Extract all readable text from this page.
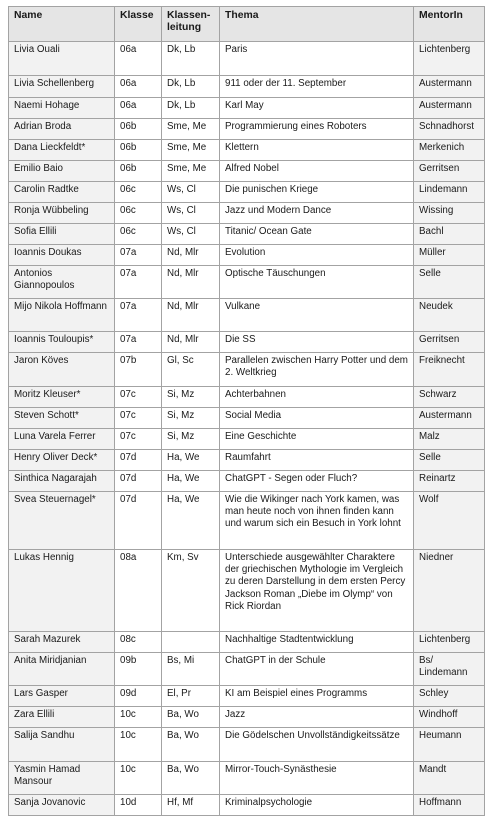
Name	Klasse	Klassen-leitung	Thema	MentorIn
Livia Ouali	06a	Dk, Lb	Paris	Lichtenberg
Livia Schellenberg	06a	Dk, Lb	911 oder der 11. September	Austermann
Naemi Hohage	06a	Dk, Lb	Karl May	Austermann
Adrian Broda	06b	Sme, Me	Programmierung eines Roboters	Schnadhorst
Dana Lieckfeldt*	06b	Sme, Me	Klettern	Merkenich
Emilio Baio	06b	Sme, Me	Alfred Nobel	Gerritsen
Carolin Radtke	06c	Ws, Cl	Die punischen Kriege	Lindemann
Ronja Wübbeling	06c	Ws, Cl	Jazz und Modern Dance	Wissing
Sofia Ellili	06c	Ws, Cl	Titanic/ Ocean Gate	Bachl
Ioannis Doukas	07a	Nd, Mlr	Evolution	Müller
Antonios Giannopoulos	07a	Nd, Mlr	Optische Täuschungen	Selle
Mijo Nikola Hoffmann	07a	Nd, Mlr	Vulkane	Neudek
Ioannis Touloupis*	07a	Nd, Mlr	Die SS	Gerritsen
Jaron Köves	07b	Gl, Sc	Parallelen zwischen Harry Potter und dem 2. Weltkrieg	Freiknecht
Moritz Kleuser*	07c	Si, Mz	Achterbahnen	Schwarz
Steven Schott*	07c	Si, Mz	Social Media	Austermann
Luna Varela Ferrer	07c	Si, Mz	Eine Geschichte	Malz
Henry Oliver Deck*	07d	Ha, We	Raumfahrt	Selle
Sinthica Nagarajah	07d	Ha, We	ChatGPT - Segen oder Fluch?	Reinartz
Svea Steuernagel*	07d	Ha, We	Wie die Wikinger nach York kamen, was man heute noch von ihnen finden kann und warum sich ein Besuch in York lohnt	Wolf
Lukas Hennig	08a	Km, Sv	Unterschiede ausgewählter Charaktere der griechischen Mythologie im Vergleich zu deren Darstellung in dem ersten Percy Jackson Roman „Diebe im Olymp“ von Rick Riordan	Niedner
Sarah Mazurek	08c		Nachhaltige Stadtentwicklung	Lichtenberg
Anita Miridjanian	09b	Bs, Mi	ChatGPT in der Schule	Bs/ Lindemann
Lars Gasper	09d	El, Pr	KI am Beispiel eines Programms	Schley
Zara Ellili	10c	Ba, Wo	Jazz	Windhoff
Salija Sandhu	10c	Ba, Wo	Die Gödelschen Unvollständigkeitssätze	Heumann
Yasmin Hamad Mansour	10c	Ba, Wo	Mirror-Touch-Synästhesie	Mandt
Sanja Jovanovic	10d	Hf, Mf	Kriminalpsychologie	Hoffmann
